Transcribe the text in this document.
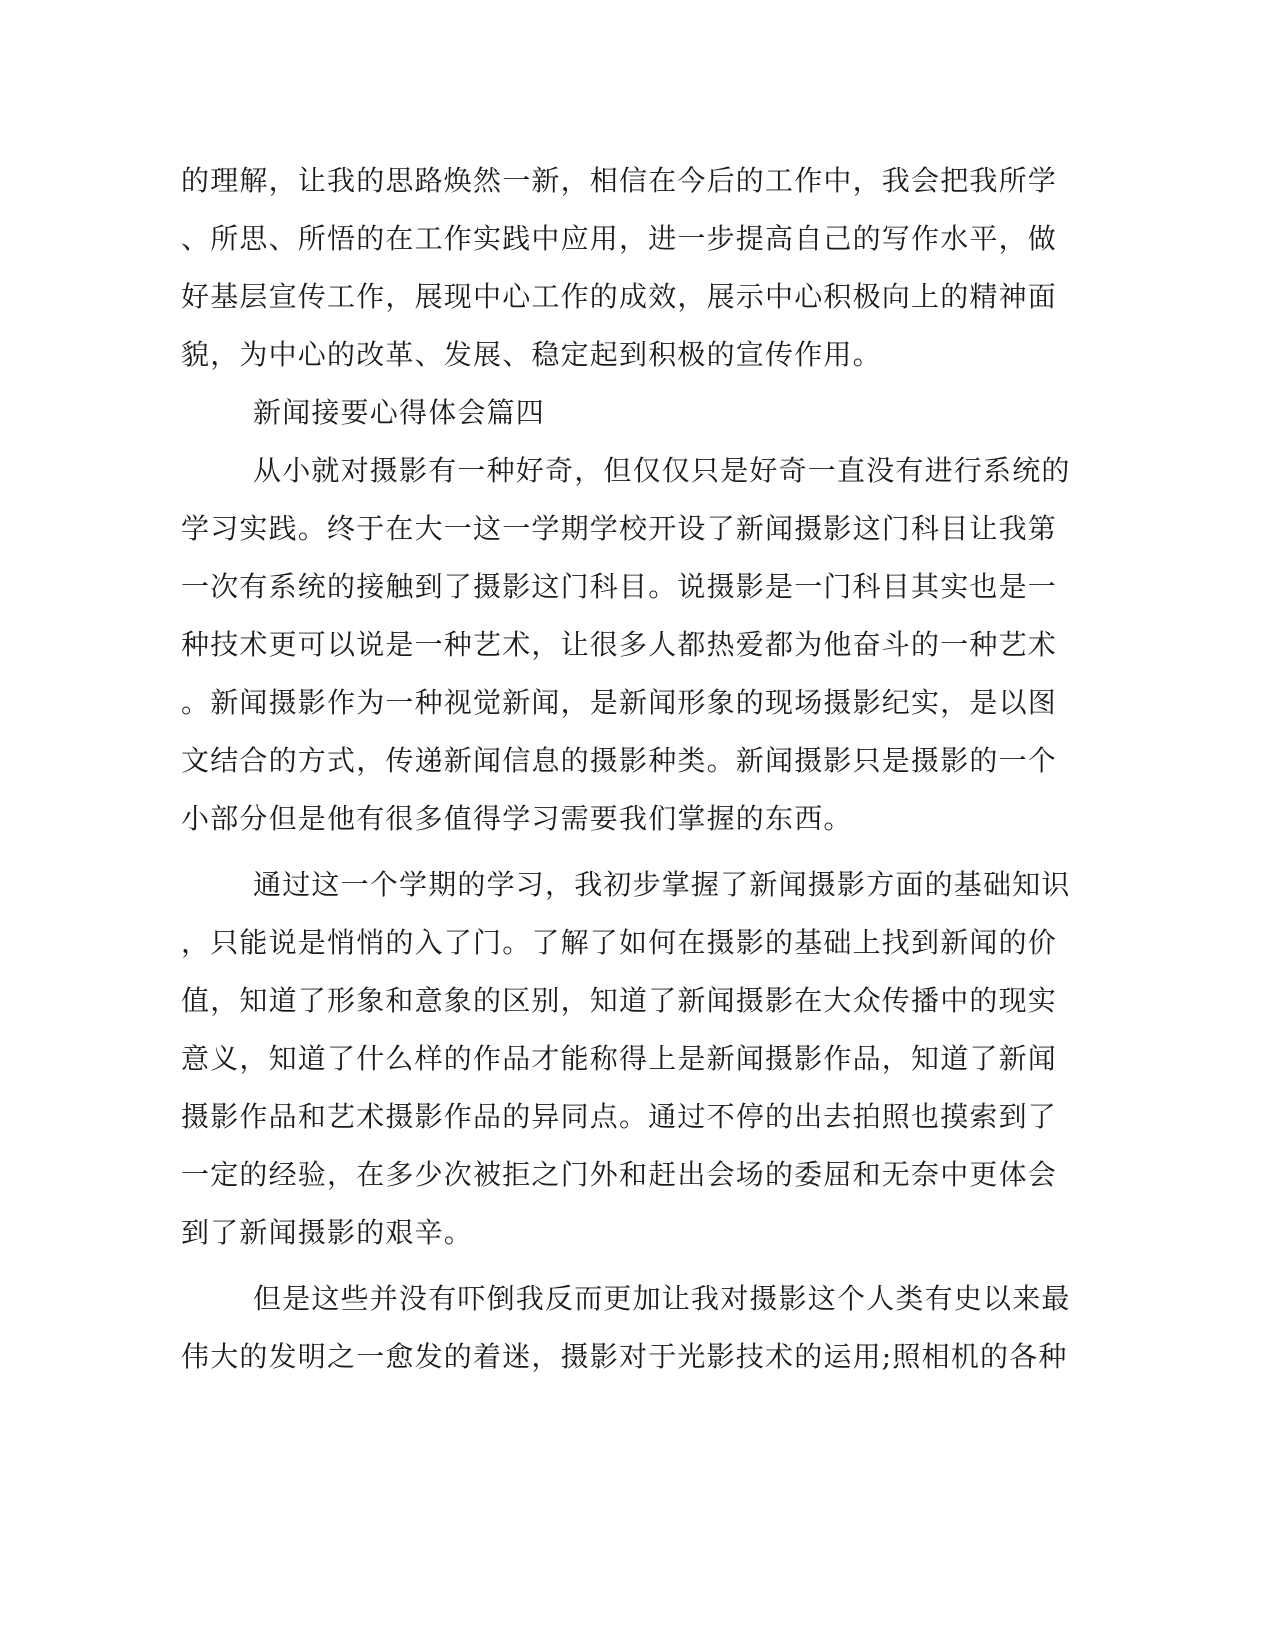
的理解，让我的思路焕然一新，相信在今后的工作中，我会把我所学
、所思、所悟的在工作实践中应用，进一步提高自己的写作水平，做
好基层宣传工作，展现中心工作的成效，展示中心积极向上的精神面
貌，为中心的改革、发展、稳定起到积极的宣传作用。
新闻接要心得体会篇四
从小就对摄影有一种好奇，但仅仅只是好奇一直没有进行系统的
学习实践。终于在大一这一学期学校开设了新闻摄影这门科目让我第
一次有系统的接触到了摄影这门科目。说摄影是一门科目其实也是一
种技术更可以说是一种艺术，让很多人都热爱都为他奋斗的一种艺术
。新闻摄影作为一种视觉新闻，是新闻形象的现场摄影纪实，是以图
文结合的方式，传递新闻信息的摄影种类。新闻摄影只是摄影的一个
小部分但是他有很多值得学习需要我们掌握的东西。
通过这一个学期的学习，我初步掌握了新闻摄影方面的基础知识
，只能说是悄悄的入了门。了解了如何在摄影的基础上找到新闻的价
值，知道了形象和意象的区别，知道了新闻摄影在大众传播中的现实
意义，知道了什么样的作品才能称得上是新闻摄影作品，知道了新闻
摄影作品和艺术摄影作品的异同点。通过不停的出去拍照也摸索到了
一定的经验，在多少次被拒之门外和赶出会场的委屈和无奈中更体会
到了新闻摄影的艰辛。
但是这些并没有吓倒我反而更加让我对摄影这个人类有史以来最
伟大的发明之一愈发的着迷，摄影对于光影技术的运用;照相机的各种
